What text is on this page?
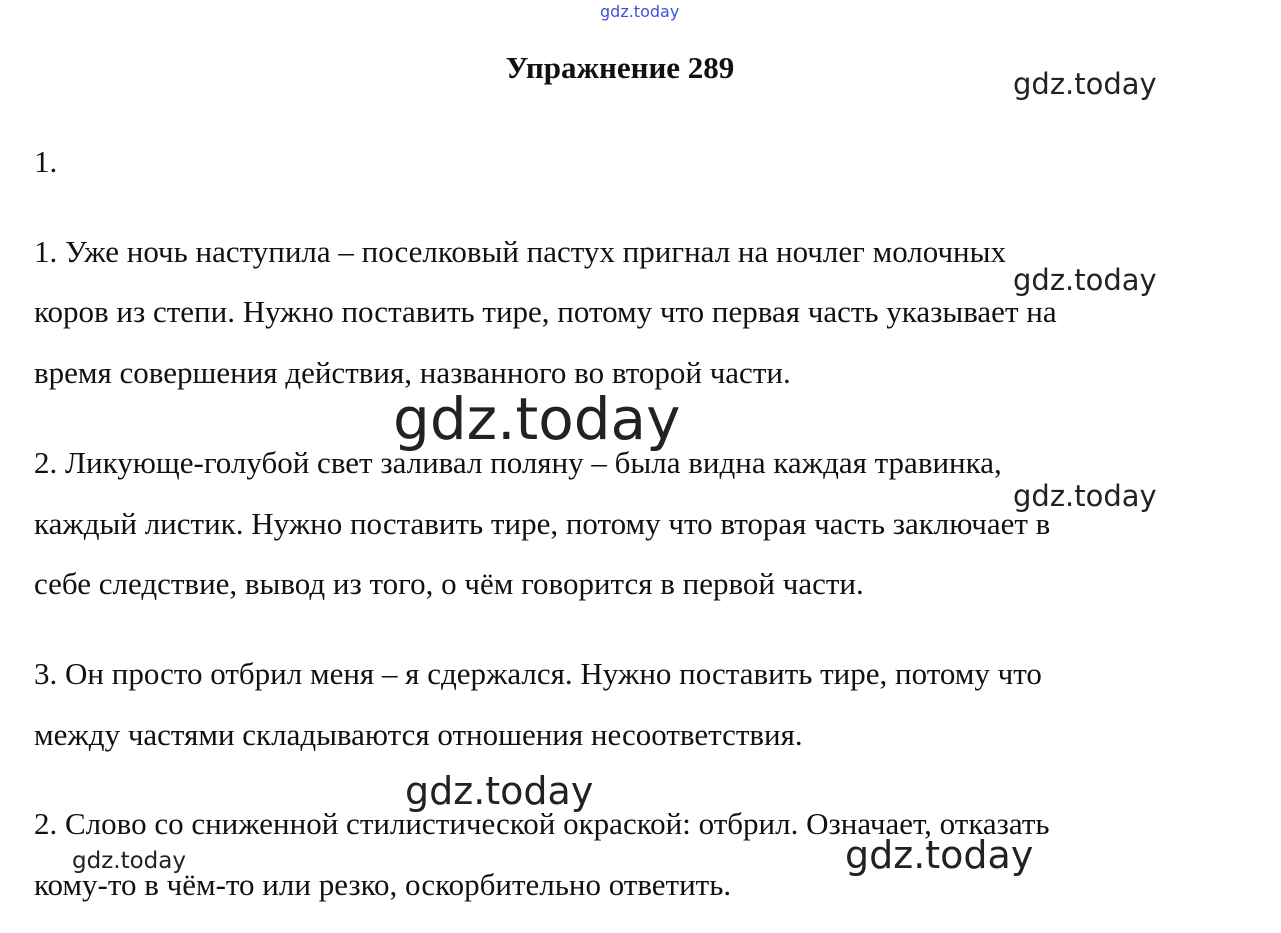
gdz.today
Упражнение 289
1.
1. Уже ночь наступила – поселковый пастух пригнал на ночлег молочных
коров из степи. Нужно поставить тире, потому что первая часть указывает на
время совершения действия, названного во второй части.
2. Ликующе-голубой свет заливал поляну – была видна каждая травинка,
каждый листик. Нужно поставить тире, потому что вторая часть заключает в
себе следствие, вывод из того, о чём говорится в первой части.
3. Он просто отбрил меня – я сдержался. Нужно поставить тире, потому что
между частями складываются отношения несоответствия.
2. Слово со сниженной стилистической окраской: отбрил. Означает, отказать
кому-то в чём-то или резко, оскорбительно ответить.
gdz.today
gdz.today
gdz.today
gdz.today
gdz.today
gdz.today
gdz.today
